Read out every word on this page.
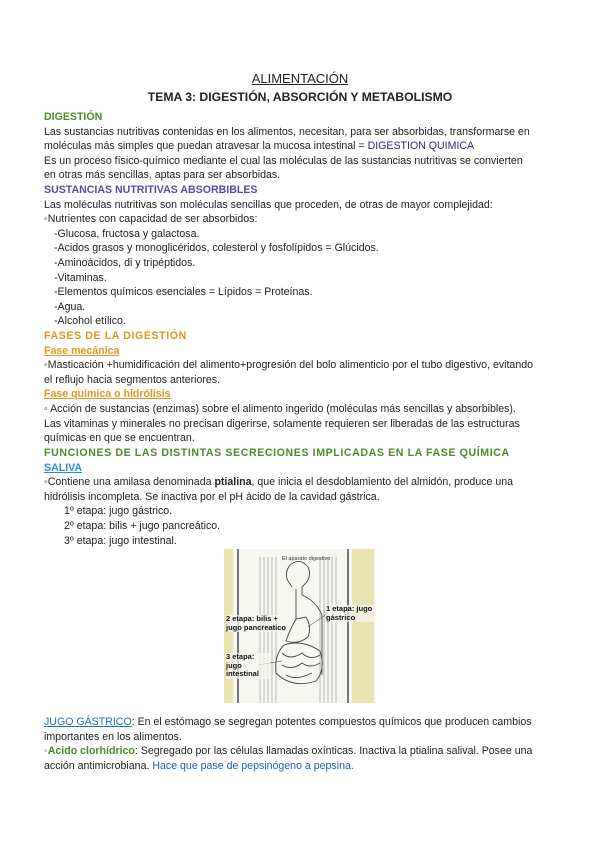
ALIMENTACIÓN
TEMA 3: DIGESTIÓN, ABSORCIÓN Y METABOLISMO
DIGESTIÓN
Las sustancias nutritivas contenidas en los alimentos, necesitan, para ser absorbidas, transformarse en
moléculas más simples que puedan atravesar la mucosa intestinal = DIGESTION QUIMICA
Es un proceso físico-químico mediante el cual las moléculas de las sustancias nutritivas se convierten
en otras más sencillas, aptas para ser absorbidas.
SUSTANCIAS NUTRITIVAS ABSORBIBLES
Las moléculas nutritivas son moléculas sencillas que proceden, de otras de mayor complejidad:
◦Nutrientes con capacidad de ser absorbidos:
-Glucosa, fructosa y galactosa.
-Acidos grasos y monoglicéridos, colesterol y fosfolípidos = Glúcidos.
-Aminoácidos, di y tripéptidos.
-Vitaminas.
-Elementos químicos esenciales = Lípidos = Proteínas.
-Agua.
-Alcohol etílico.
FASES DE LA DIGESTIÓN
Fase mecánica
◦Masticación +humidificación del alimento+progresión del bolo alimenticio por el tubo digestivo, evitando
el reflujo hacia segmentos anteriores.
Fase química o hidrólisis
◦ Acción de sustancias (enzimas) sobre el alimento ingerido (moléculas más sencillas y absorbibles).
Las vitaminas y minerales no precisan digerirse, solamente requieren ser liberadas de las estructuras
químicas en que se encuentran.
FUNCIONES DE LAS DISTINTAS SECRECIONES IMPLICADAS EN LA FASE QUÍMICA
SALIVA
◦Contiene una amilasa denominada ptialina, que inicia el desdoblamiento del almidón, produce una
hidrólisis incompleta. Se inactiva por el pH ácido de la cavidad gástrica.
1º etapa: jugo gástrico.
2º etapa: bilis + jugo pancreático.
3º etapa: jugo intestinal.
El aparato digestivo
1 etapa: jugo gástrico
2 etapa: bilis + jugo pancreatico
3 etapa: jugo intestinal
JUGO GÁSTRICO: En el estómago se segregan potentes compuestos químicos que producen cambios
importantes en los alimentos.
◦Acido clorhídrico: Segregado por las células llamadas oxínticas. Inactiva la ptialina salival. Posee una
acción antimicrobiana. Hace que pase de pepsinógeno a pepsina.
